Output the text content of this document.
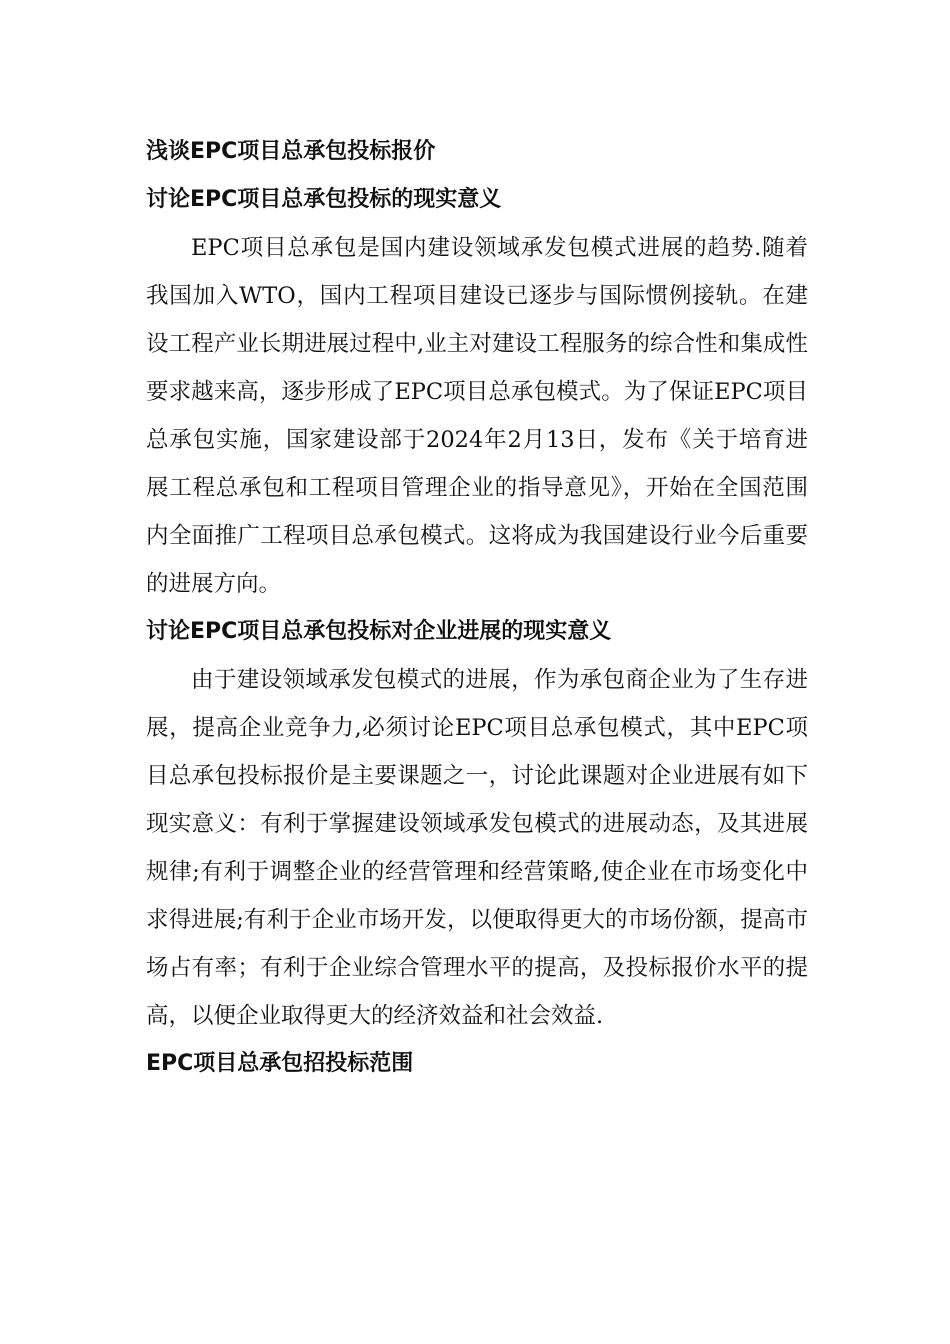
浅谈EPC项目总承包投标报价
讨论EPC项目总承包投标的现实意义

EPC项目总承包是国内建设领域承发包模式进展的趋势.随着我国加入WTO，国内工程项目建设已逐步与国际惯例接轨。在建设工程产业长期进展过程中,业主对建设工程服务的综合性和集成性要求越来高，逐步形成了EPC项目总承包模式。为了保证EPC项目总承包实施，国家建设部于2024年2月13日，发布《关于培育进展工程总承包和工程项目管理企业的指导意见》，开始在全国范围内全面推广工程项目总承包模式。这将成为我国建设行业今后重要的进展方向。

讨论EPC项目总承包投标对企业进展的现实意义

由于建设领域承发包模式的进展，作为承包商企业为了生存进展，提高企业竞争力,必须讨论EPC项目总承包模式，其中EPC项目总承包投标报价是主要课题之一，讨论此课题对企业进展有如下现实意义：有利于掌握建设领域承发包模式的进展动态，及其进展规律;有利于调整企业的经营管理和经营策略,使企业在市场变化中求得进展;有利于企业市场开发，以便取得更大的市场份额，提高市场占有率；有利于企业综合管理水平的提高，及投标报价水平的提高，以便企业取得更大的经济效益和社会效益.

EPC项目总承包招投标范围
